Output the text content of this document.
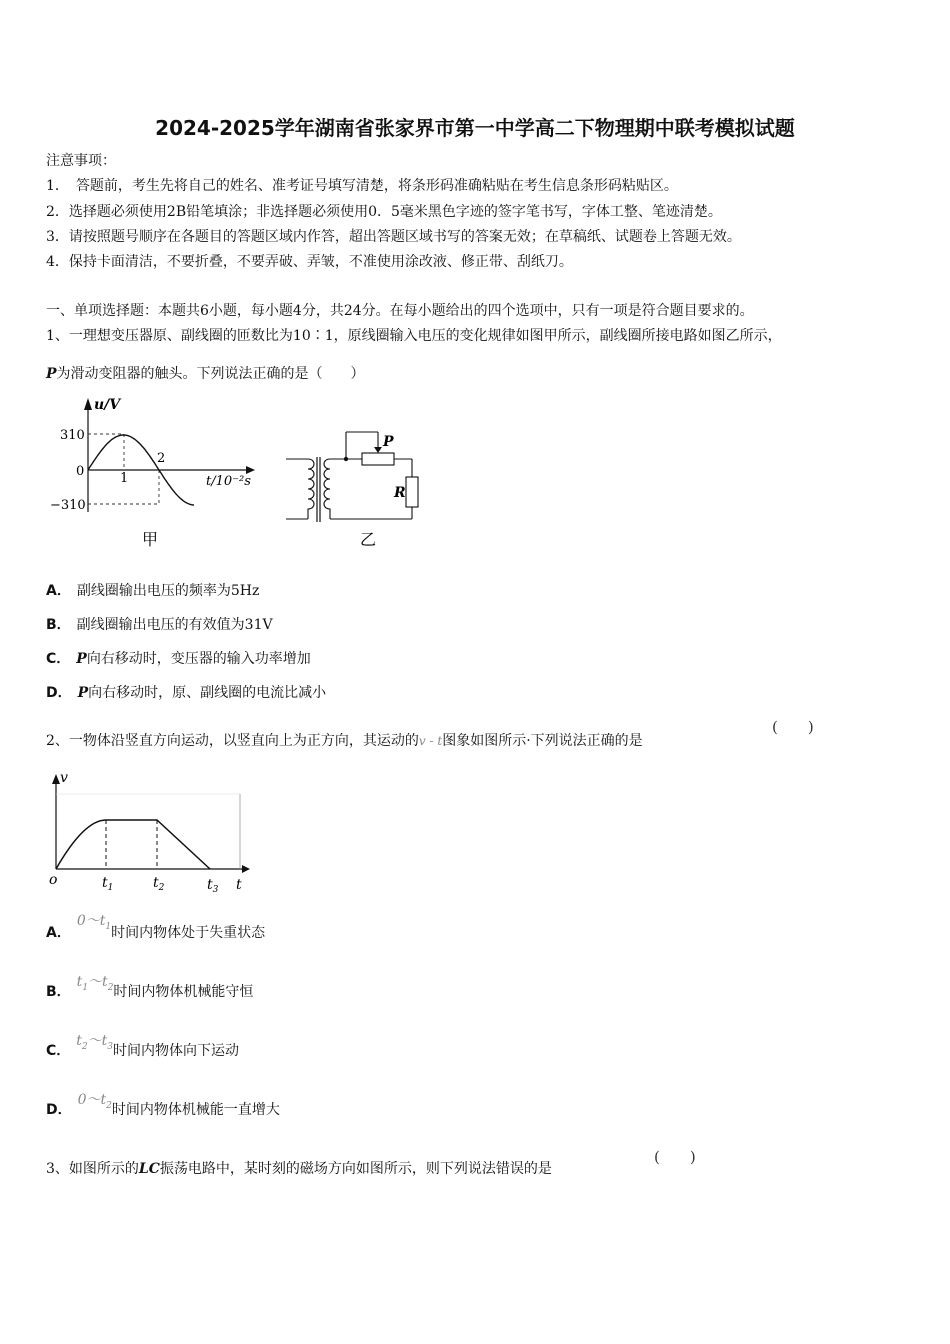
2024-2025学年湖南省张家界市第一中学高二下物理期中联考模拟试题
注意事项：
1．　答题前，考生先将自己的姓名、准考证号填写清楚，将条形码准确粘贴在考生信息条形码粘贴区。
2．选择题必须使用2B铅笔填涂；非选择题必须使用0．5毫米黑色字迹的签字笔书写，字体工整、笔迹清楚。
3．请按照题号顺序在各题目的答题区域内作答，超出答题区域书写的答案无效；在草稿纸、试题卷上答题无效。
4．保持卡面清洁，不要折叠，不要弄破、弄皱，不准使用涂改液、修正带、刮纸刀。
一、单项选择题：本题共6小题，每小题4分，共24分。在每小题给出的四个选项中，只有一项是符合题目要求的。
1、一理想变压器原、副线圈的匝数比为10∶1，原线圈输入电压的变化规律如图甲所示，副线圈所接电路如图乙所示，
P为滑动变阻器的触头。下列说法正确的是（　　）
u/V
310
0
−310
1
2
t/10⁻²s
甲
P
R
乙
A． 副线圈输出电压的频率为5Hz
B． 副线圈输出电压的有效值为31V
C． P向右移动时，变压器的输入功率增加
D． P向右移动时，原、副线圈的电流比减小
2、一物体沿竖直方向运动，以竖直向上为正方向，其运动的v - t图象如图所示·下列说法正确的是
(　　)
v
o	$t_1$	$t_2$	$t_3$ t
A．$0\sim t_1$时间内物体处于失重状态
B．$t_1\sim t_2$时间内物体机械能守恒
C．$t_2\sim t_3$时间内物体向下运动
D．$0\sim t_2$时间内物体机械能一直增大
3、如图所示的LC振荡电路中，某时刻的磁场方向如图所示，则下列说法错误的是
(　　)
